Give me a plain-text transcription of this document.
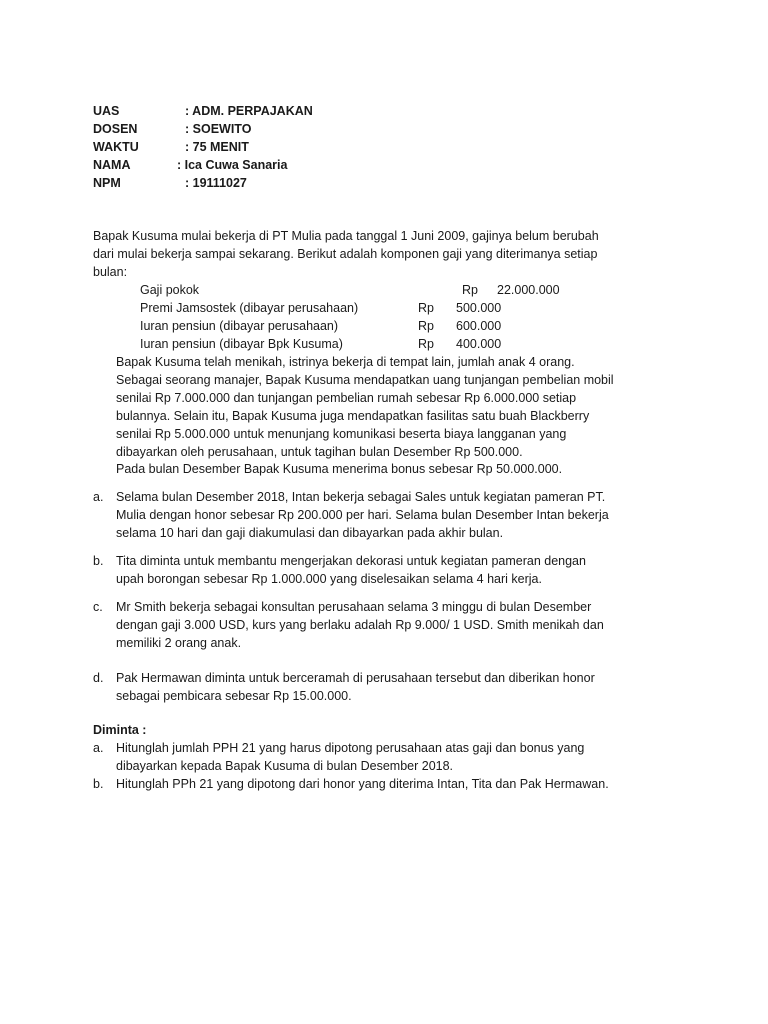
UAS	: ADM. PERPAJAKAN
DOSEN	: SOEWITO
WAKTU	: 75 MENIT
NAMA	: Ica Cuwa Sanaria
NPM	: 19111027
Bapak Kusuma mulai bekerja di PT Mulia pada tanggal 1 Juni 2009, gajinya belum berubah
dari mulai bekerja sampai sekarang. Berikut adalah komponen gaji yang diterimanya setiap
bulan:
Gaji pokok	Rp 22.000.000
Premi Jamsostek (dibayar perusahaan)	Rp 500.000
Iuran pensiun (dibayar perusahaan)	Rp 600.000
Iuran pensiun (dibayar Bpk Kusuma)	Rp 400.000
Bapak Kusuma telah menikah, istrinya bekerja di tempat lain, jumlah anak 4 orang.
Sebagai seorang manajer, Bapak Kusuma mendapatkan uang tunjangan pembelian mobil
senilai Rp 7.000.000 dan tunjangan pembelian rumah sebesar Rp 6.000.000 setiap
bulannya. Selain itu, Bapak Kusuma juga mendapatkan fasilitas satu buah Blackberry
senilai Rp 5.000.000 untuk menunjang komunikasi beserta biaya langganan yang
dibayarkan oleh perusahaan, untuk tagihan bulan Desember Rp 500.000.
Pada bulan Desember Bapak Kusuma menerima bonus sebesar Rp 50.000.000.
a. Selama bulan Desember 2018, Intan bekerja sebagai Sales untuk kegiatan pameran PT.
Mulia dengan honor sebesar Rp 200.000 per hari. Selama bulan Desember Intan bekerja
selama 10 hari dan gaji diakumulasi dan dibayarkan pada akhir bulan.
b. Tita diminta untuk membantu mengerjakan dekorasi untuk kegiatan pameran dengan
upah borongan sebesar Rp 1.000.000 yang diselesaikan selama 4 hari kerja.
c. Mr Smith bekerja sebagai konsultan perusahaan selama 3 minggu di bulan Desember
dengan gaji 3.000 USD, kurs yang berlaku adalah Rp 9.000/ 1 USD. Smith menikah dan
memiliki 2 orang anak.
d. Pak Hermawan diminta untuk berceramah di perusahaan tersebut dan diberikan honor
sebagai pembicara sebesar Rp 15.00.000.
Diminta :
a. Hitunglah jumlah PPH 21 yang harus dipotong perusahaan atas gaji dan bonus yang
dibayarkan kepada Bapak Kusuma di bulan Desember 2018.
b. Hitunglah PPh 21 yang dipotong dari honor yang diterima Intan, Tita dan Pak Hermawan.
